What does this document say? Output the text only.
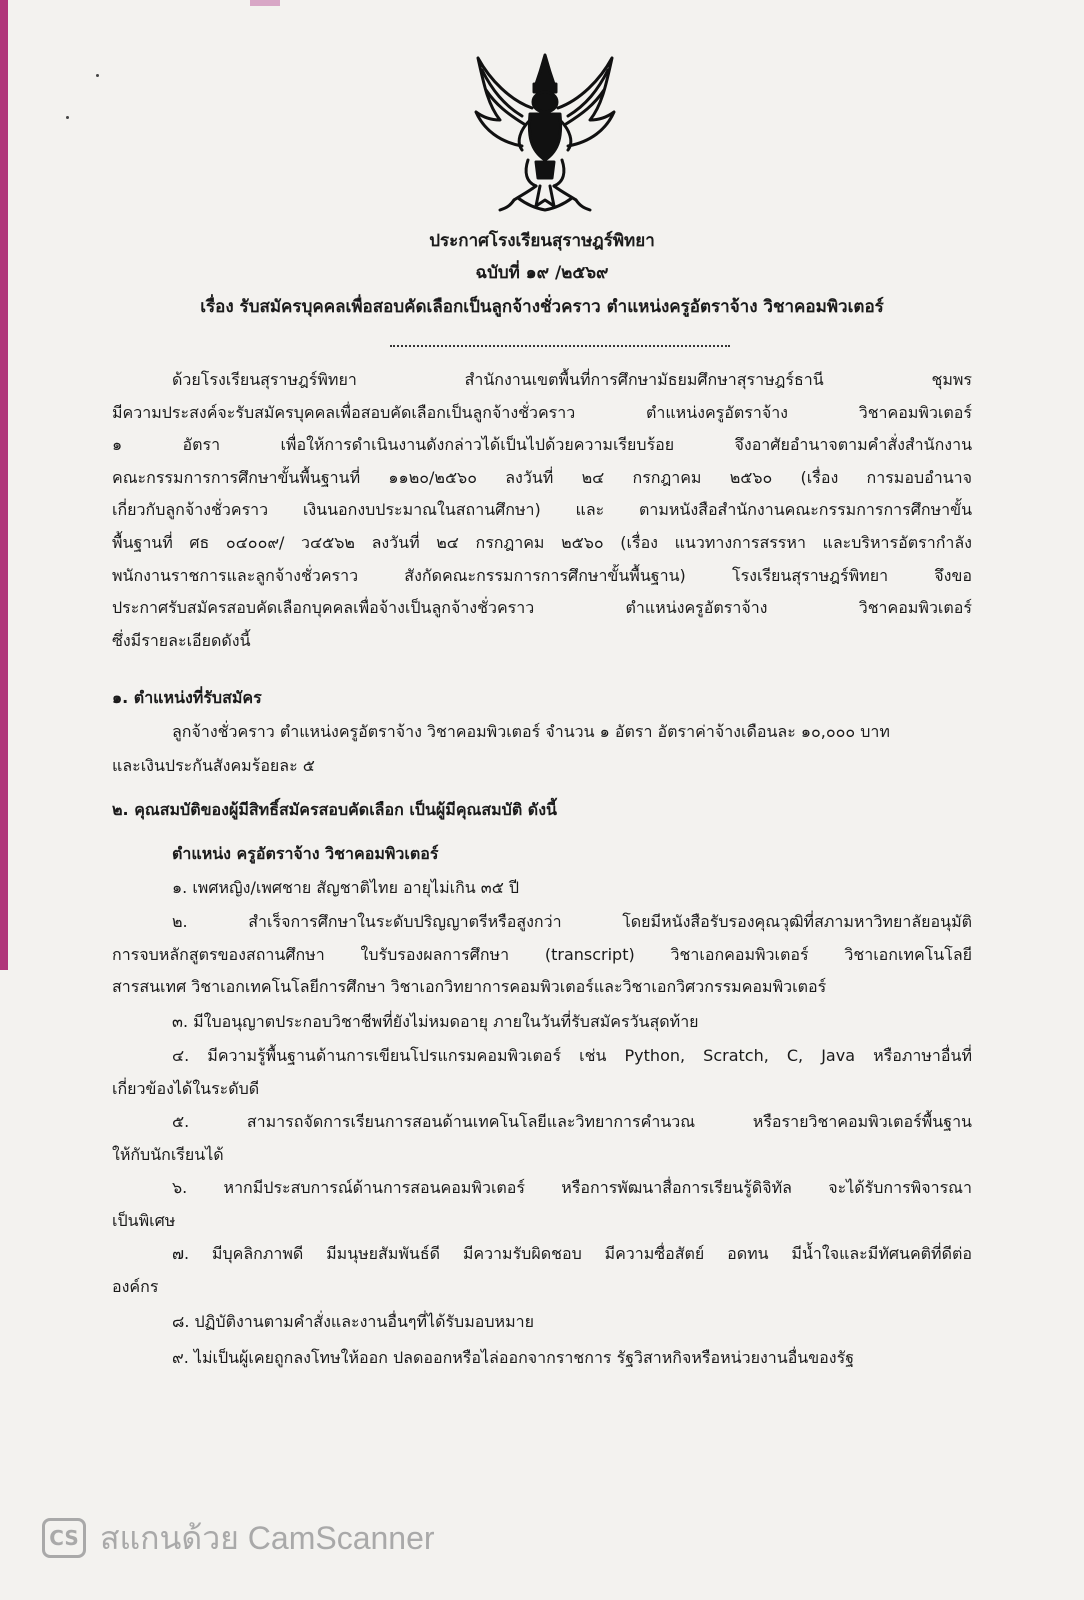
ประกาศโรงเรียนสุราษฎร์พิทยา
ฉบับที่ ๑๙ /๒๕๖๙
เรื่อง รับสมัครบุคคลเพื่อสอบคัดเลือกเป็นลูกจ้างชั่วคราว ตำแหน่งครูอัตราจ้าง วิชาคอมพิวเตอร์

ด้วยโรงเรียนสุราษฎร์พิทยา สำนักงานเขตพื้นที่การศึกษามัธยมศึกษาสุราษฎร์ธานี ชุมพร

มีความประสงค์จะรับสมัครบุคคลเพื่อสอบคัดเลือกเป็นลูกจ้างชั่วคราว ตำแหน่งครูอัตราจ้าง วิชาคอมพิวเตอร์

๑ อัตรา เพื่อให้การดำเนินงานดังกล่าวได้เป็นไปด้วยความเรียบร้อย จึงอาศัยอำนาจตามคำสั่งสำนักงาน

คณะกรรมการการศึกษาขั้นพื้นฐานที่ ๑๑๒๐/๒๕๖๐ ลงวันที่ ๒๔ กรกฎาคม ๒๕๖๐ (เรื่อง การมอบอำนาจ

เกี่ยวกับลูกจ้างชั่วคราว เงินนอกงบประมาณในสถานศึกษา) และ ตามหนังสือสำนักงานคณะกรรมการการศึกษาขั้น

พื้นฐานที่ ศธ ๐๔๐๐๙/ ว๔๕๖๒ ลงวันที่ ๒๔ กรกฎาคม ๒๕๖๐ (เรื่อง แนวทางการสรรหา และบริหารอัตรากำลัง

พนักงานราชการและลูกจ้างชั่วคราว สังกัดคณะกรรมการการศึกษาขั้นพื้นฐาน) โรงเรียนสุราษฎร์พิทยา จึงขอ

ประกาศรับสมัครสอบคัดเลือกบุคคลเพื่อจ้างเป็นลูกจ้างชั่วคราว ตำแหน่งครูอัตราจ้าง วิชาคอมพิวเตอร์

ซึ่งมีรายละเอียดดังนี้

๑. ตำแหน่งที่รับสมัคร
ลูกจ้างชั่วคราว ตำแหน่งครูอัตราจ้าง วิชาคอมพิวเตอร์ จำนวน ๑ อัตรา อัตราค่าจ้างเดือนละ ๑๐,๐๐๐ บาท
และเงินประกันสังคมร้อยละ ๕
๒. คุณสมบัติของผู้มีสิทธิ์สมัครสอบคัดเลือก เป็นผู้มีคุณสมบัติ ดังนี้
ตำแหน่ง ครูอัตราจ้าง วิชาคอมพิวเตอร์
๑. เพศหญิง/เพศชาย สัญชาติไทย อายุไม่เกิน ๓๕ ปี

๒. สำเร็จการศึกษาในระดับปริญญาตรีหรือสูงกว่า โดยมีหนังสือรับรองคุณวุฒิที่สภามหาวิทยาลัยอนุมัติ

การจบหลักสูตรของสถานศึกษา ใบรับรองผลการศึกษา (transcript) วิชาเอกคอมพิวเตอร์ วิชาเอกเทคโนโลยี

สารสนเทศ วิชาเอกเทคโนโลยีการศึกษา วิชาเอกวิทยาการคอมพิวเตอร์และวิชาเอกวิศวกรรมคอมพิวเตอร์

๓. มีใบอนุญาตประกอบวิชาชีพที่ยังไม่หมดอายุ ภายในวันที่รับสมัครวันสุดท้าย

๔. มีความรู้พื้นฐานด้านการเขียนโปรแกรมคอมพิวเตอร์ เช่น Python, Scratch, C, Java หรือภาษาอื่นที่

เกี่ยวข้องได้ในระดับดี

๕. สามารถจัดการเรียนการสอนด้านเทคโนโลยีและวิทยาการคำนวณ หรือรายวิชาคอมพิวเตอร์พื้นฐาน

ให้กับนักเรียนได้

๖. หากมีประสบการณ์ด้านการสอนคอมพิวเตอร์ หรือการพัฒนาสื่อการเรียนรู้ดิจิทัล จะได้รับการพิจารณา

เป็นพิเศษ

๗. มีบุคลิกภาพดี มีมนุษยสัมพันธ์ดี มีความรับผิดชอบ มีความซื่อสัตย์ อดทน มีน้ำใจและมีทัศนคติที่ดีต่อ

องค์กร

๘. ปฏิบัติงานตามคำสั่งและงานอื่นๆที่ได้รับมอบหมาย
๙. ไม่เป็นผู้เคยถูกลงโทษให้ออก ปลดออกหรือไล่ออกจากราชการ รัฐวิสาหกิจหรือหน่วยงานอื่นของรัฐ
CS สแกนด้วย CamScanner
